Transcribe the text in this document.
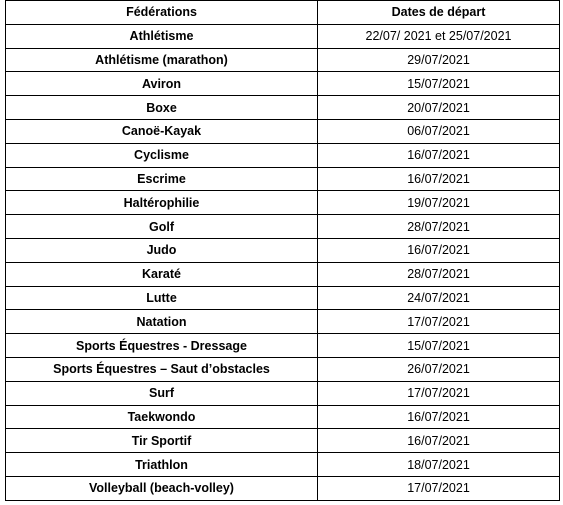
Fédérations	Dates de départ
Athlétisme	22/07/ 2021 et 25/07/2021
Athlétisme (marathon)	29/07/2021
Aviron	15/07/2021
Boxe	20/07/2021
Canoë-Kayak	06/07/2021
Cyclisme	16/07/2021
Escrime	16/07/2021
Haltérophilie	19/07/2021
Golf	28/07/2021
Judo	16/07/2021
Karaté	28/07/2021
Lutte	24/07/2021
Natation	17/07/2021
Sports Équestres - Dressage	15/07/2021
Sports Équestres – Saut d’obstacles	26/07/2021
Surf	17/07/2021
Taekwondo	16/07/2021
Tir Sportif	16/07/2021
Triathlon	18/07/2021
Volleyball (beach-volley)	17/07/2021
